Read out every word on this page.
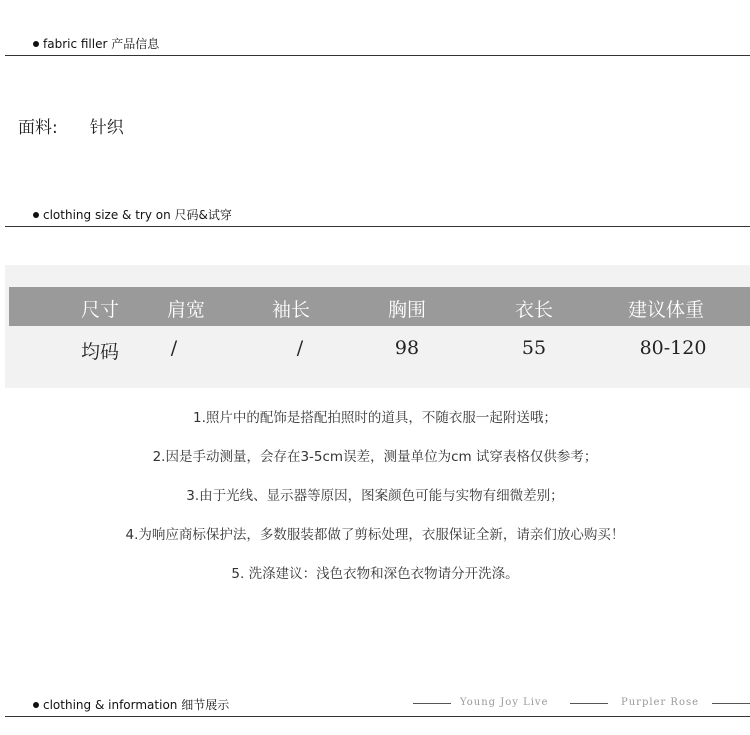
fabric filler 产品信息
面料: 针织
clothing size & try on 尺码&试穿
尺寸	肩宽	袖长	胸围	衣长	建议体重
均码	/	/	98	55	80-120
1.照片中的配饰是搭配拍照时的道具，不随衣服一起附送哦；
2.因是手动测量，会存在3-5cm误差，测量单位为cm 试穿表格仅供参考；
3.由于光线、显示器等原因，图案颜色可能与实物有细微差别；
4.为响应商标保护法，多数服装都做了剪标处理，衣服保证全新，请亲们放心购买！
5. 洗涤建议：浅色衣物和深色衣物请分开洗涤。
clothing & information 细节展示	Young Joy Live	Purpler Rose
